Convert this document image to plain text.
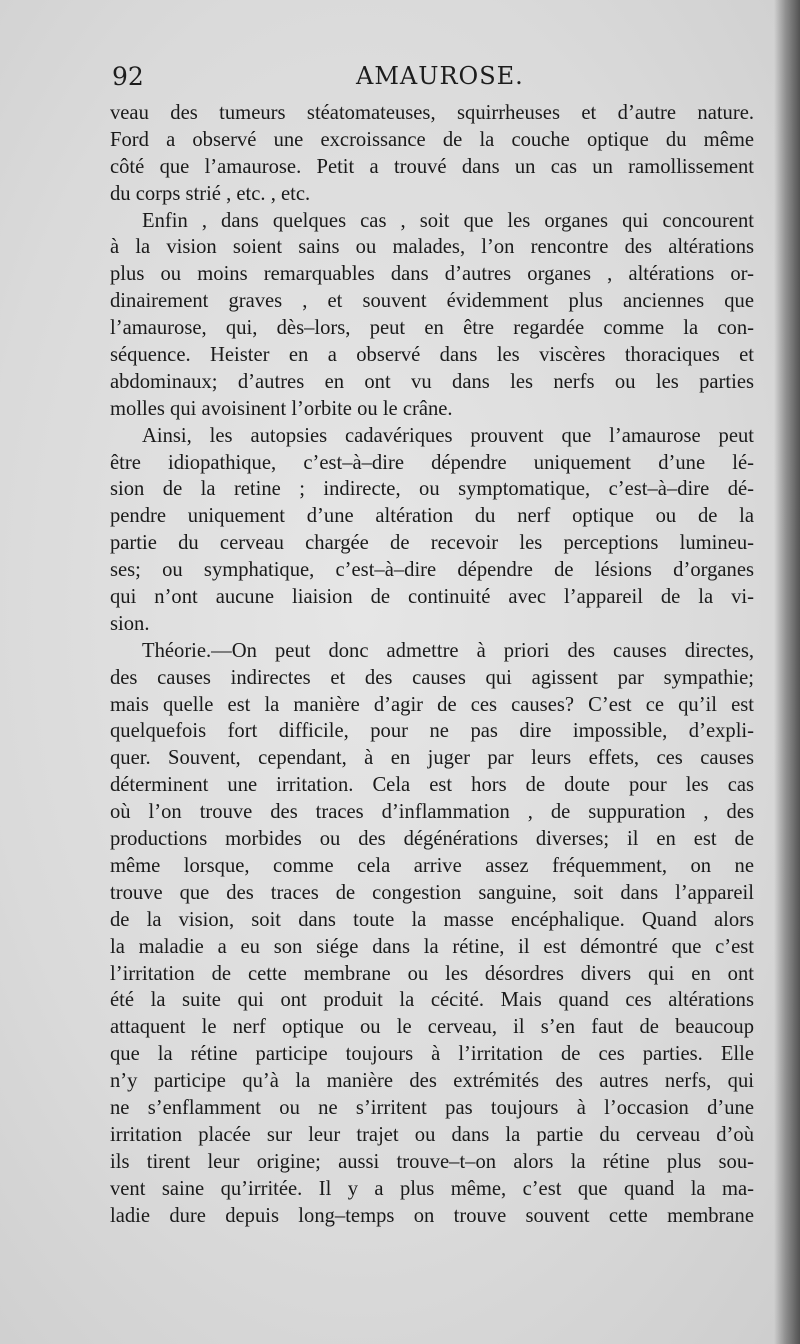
92	AMAUROSE.
veau des tumeurs stéatomateuses, squirrheuses et d’autre nature.
Ford a observé une excroissance de la couche optique du même
côté que l’amaurose. Petit a trouvé dans un cas un ramollissement
du corps strié , etc. , etc.
Enfin , dans quelques cas , soit que les organes qui concourent
à la vision soient sains ou malades, l’on rencontre des altérations
plus ou moins remarquables dans d’autres organes , altérations or-
dinairement graves , et souvent évidemment plus anciennes que
l’amaurose, qui, dès–lors, peut en être regardée comme la con-
séquence. Heister en a observé dans les viscères thoraciques et
abdominaux; d’autres en ont vu dans les nerfs ou les parties
molles qui avoisinent l’orbite ou le crâne.
Ainsi, les autopsies cadavériques prouvent que l’amaurose peut
être idiopathique, c’est–à–dire dépendre uniquement d’une lé-
sion de la retine ; indirecte, ou symptomatique, c’est–à–dire dé-
pendre uniquement d’une altération du nerf optique ou de la
partie du cerveau chargée de recevoir les perceptions lumineu-
ses; ou symphatique, c’est–à–dire dépendre de lésions d’organes
qui n’ont aucune liaision de continuité avec l’appareil de la vi-
sion.
Théorie.—On peut donc admettre à priori des causes directes,
des causes indirectes et des causes qui agissent par sympathie;
mais quelle est la manière d’agir de ces causes? C’est ce qu’il est
quelquefois fort difficile, pour ne pas dire impossible, d’expli-
quer. Souvent, cependant, à en juger par leurs effets, ces causes
déterminent une irritation. Cela est hors de doute pour les cas
où l’on trouve des traces d’inflammation , de suppuration , des
productions morbides ou des dégénérations diverses; il en est de
même lorsque, comme cela arrive assez fréquemment, on ne
trouve que des traces de congestion sanguine, soit dans l’appareil
de la vision, soit dans toute la masse encéphalique. Quand alors
la maladie a eu son siége dans la rétine, il est démontré que c’est
l’irritation de cette membrane ou les désordres divers qui en ont
été la suite qui ont produit la cécité. Mais quand ces altérations
attaquent le nerf optique ou le cerveau, il s’en faut de beaucoup
que la rétine participe toujours à l’irritation de ces parties. Elle
n’y participe qu’à la manière des extrémités des autres nerfs, qui
ne s’enflamment ou ne s’irritent pas toujours à l’occasion d’une
irritation placée sur leur trajet ou dans la partie du cerveau d’où
ils tirent leur origine; aussi trouve–t–on alors la rétine plus sou-
vent saine qu’irritée. Il y a plus même, c’est que quand la ma-
ladie dure depuis long–temps on trouve souvent cette membrane
